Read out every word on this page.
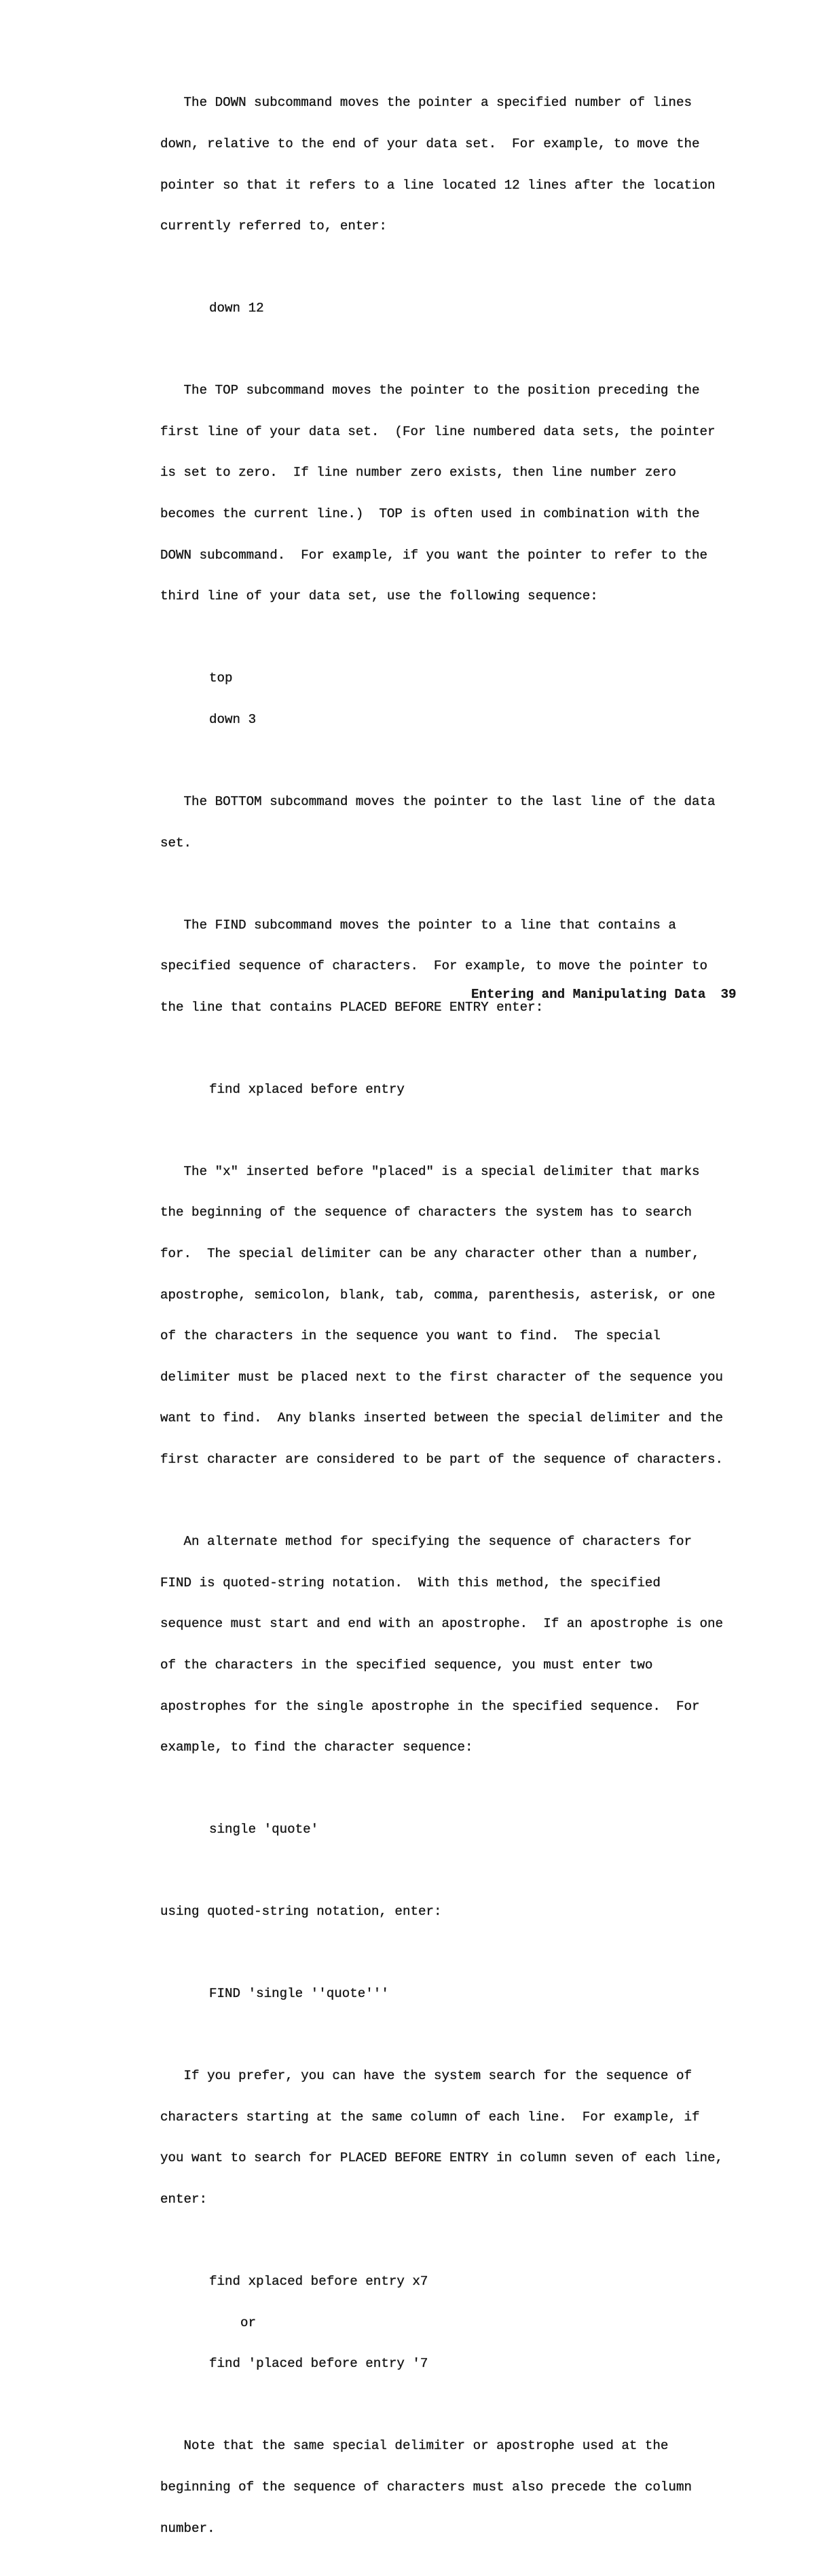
The DOWN subcommand moves the pointer a specified number of lines

down, relative to the end of your data set.  For example, to move the

pointer so that it refers to a line located 12 lines after the location

currently referred to, enter:

down 12

The TOP subcommand moves the pointer to the position preceding the

first line of your data set.  (For line numbered data sets, the pointer

is set to zero.  If line number zero exists, then line number zero

becomes the current line.)  TOP is often used in combination with the

DOWN subcommand.  For example, if you want the pointer to refer to the

third line of your data set, use the following sequence:

top

down 3

The BOTTOM subcommand moves the pointer to the last line of the data

set.

The FIND subcommand moves the pointer to a line that contains a

specified sequence of characters.  For example, to move the pointer to

the line that contains PLACED BEFORE ENTRY enter:

find xplaced before entry

The "x" inserted before "placed" is a special delimiter that marks

the beginning of the sequence of characters the system has to search

for.  The special delimiter can be any character other than a number,

apostrophe, semicolon, blank, tab, comma, parenthesis, asterisk, or one

of the characters in the sequence you want to find.  The special

delimiter must be placed next to the first character of the sequence you

want to find.  Any blanks inserted between the special delimiter and the

first character are considered to be part of the sequence of characters.

An alternate method for specifying the sequence of characters for

FIND is quoted-string notation.  With this method, the specified

sequence must start and end with an apostrophe.  If an apostrophe is one

of the characters in the specified sequence, you must enter two

apostrophes for the single apostrophe in the specified sequence.  For

example, to find the character sequence:

single 'quote'

using quoted-string notation, enter:

FIND 'single ''quote'''

If you prefer, you can have the system search for the sequence of

characters starting at the same column of each line.  For example, if

you want to search for PLACED BEFORE ENTRY in column seven of each line,

enter:

find xplaced before entry x7

or

find 'placed before entry '7

Note that the same special delimiter or apostrophe used at the

beginning of the sequence of characters must also precede the column

number.

Entering and Manipulating Data 39
